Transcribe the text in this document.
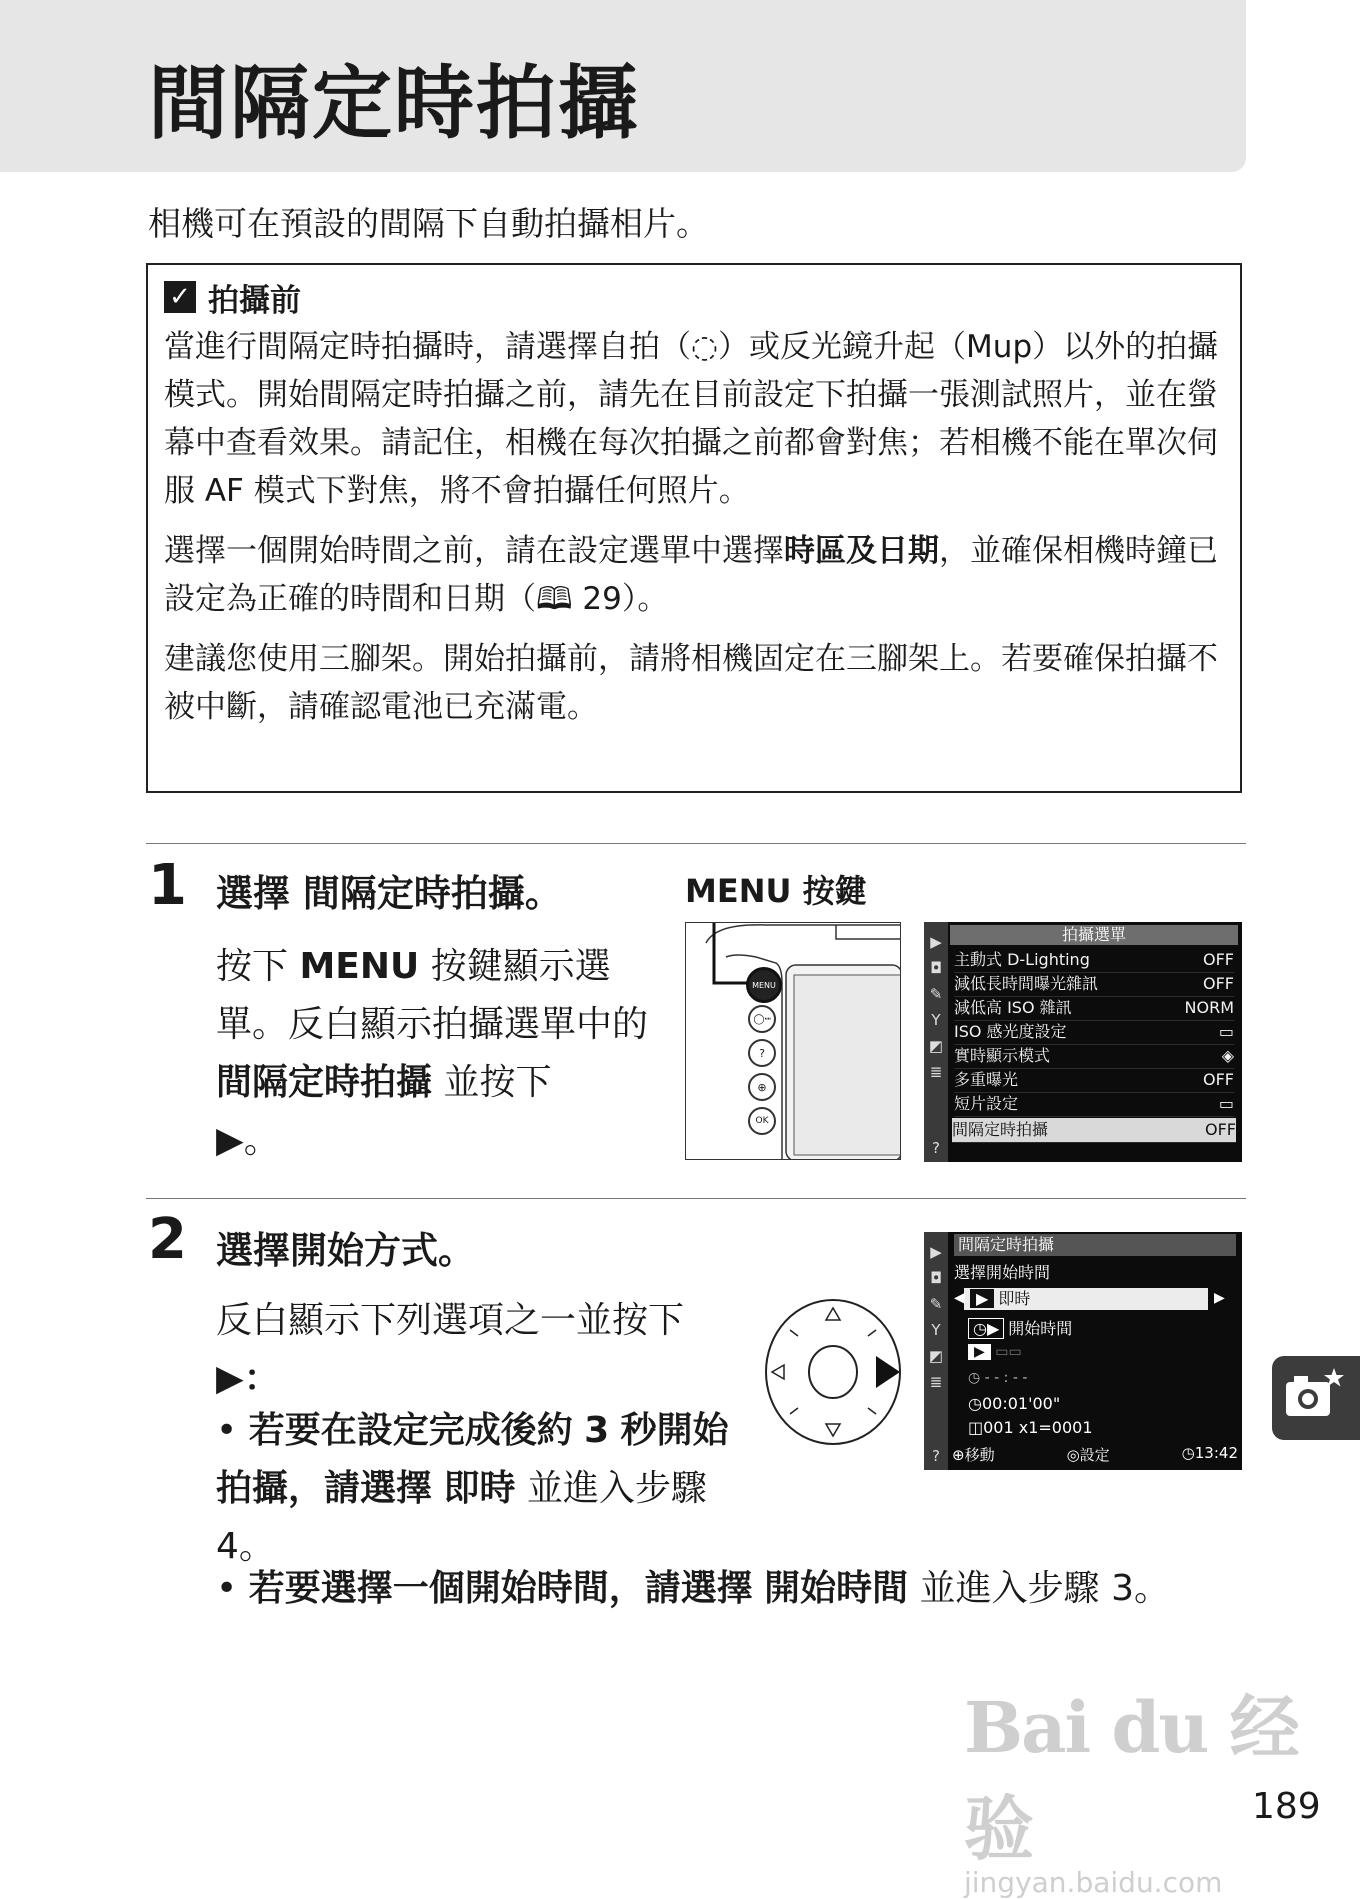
間隔定時拍攝
相機可在預設的間隔下自動拍攝相片。
✓ 拍攝前

當進行間隔定時拍攝時，請選擇自拍（◌）或反光鏡升起（Mup）以外的拍攝模式。開始間隔定時拍攝之前，請先在目前設定下拍攝一張測試照片，並在螢幕中查看效果。請記住，相機在每次拍攝之前都會對焦；若相機不能在單次伺服 AF 模式下對焦，將不會拍攝任何照片。

選擇一個開始時間之前，請在設定選單中選擇時區及日期，並確保相機時鐘已設定為正確的時間和日期（🕮 29）。

建議您使用三腳架。開始拍攝前，請將相機固定在三腳架上。若要確保拍攝不被中斷，請確認電池已充滿電。

1 選擇 間隔定時拍攝。
按下 MENU 按鍵顯示選單。反白顯示拍攝選單中的 間隔定時拍攝 並按下
▶。
MENU 按鍵
MENU
◯┉
?
⊕
OK
▶
◘
✎
Y
◩
≣
?
拍攝選單
主動式 D-Lighting	OFF
減低長時間曝光雜訊	OFF
減低高 ISO 雜訊	NORM
ISO 感光度設定	▭
實時顯示模式	◈
多重曝光	OFF
短片設定	▭
間隔定時拍攝	OFF
2 選擇開始方式。
反白顯示下列選項之一並按下
▶：
• 若要在設定完成後約 3 秒開始拍攝，請選擇 即時 並進入步驟 4。
• 若要選擇一個開始時間，請選擇 開始時間 並進入步驟 3。
▶
◘
✎
Y
◩
≣
?
間隔定時拍攝
選擇開始時間
▶ 即時
◀	▶
◷▶ 開始時間
▶ ▭▭
◷ - - : - -
◷00:01'00"
◫001 x1=0001
⊕移動	◎設定	◷13:42
Bai du 经验
jingyan.baidu.com
189
